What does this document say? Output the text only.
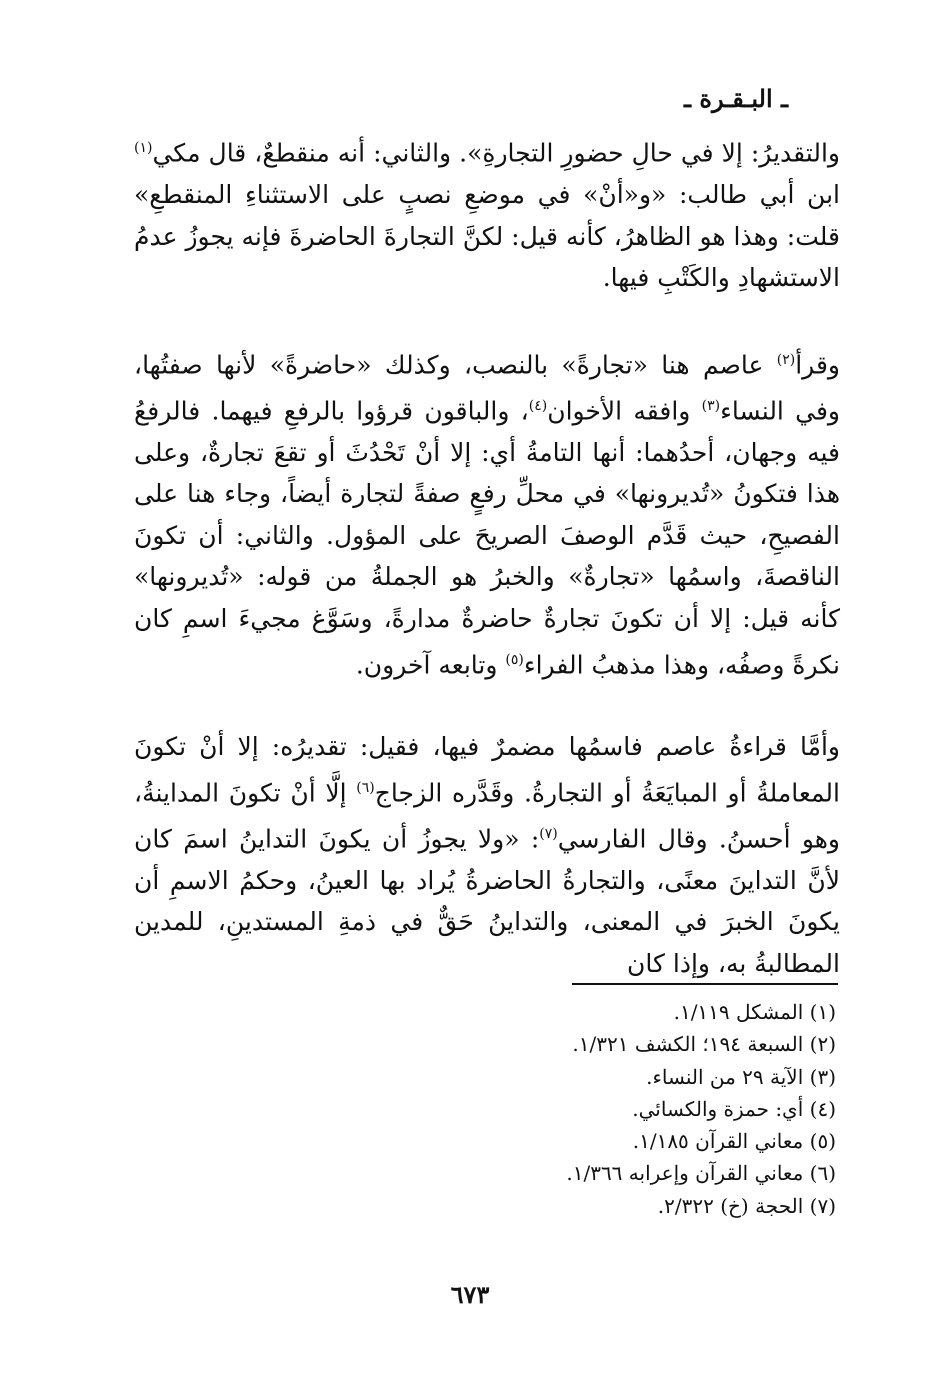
ـ البـقـرة ـ

والتقديرُ: إلا في حالِ حضورِ التجارةِ». والثاني: أنه منقطعٌ، قال مكي$^{(١)}$ ابن أبي طالب: «و«أنْ» في موضعِ نصبٍ على الاستثناءِ المنقطعِ» قلت: وهذا هو الظاهرُ، كأنه قيل: لكنَّ التجارةَ الحاضرةَ فإنه يجوزُ عدمُ الاستشهادِ والكَتْبِ فيها.

وقرأ$^{(٢)}$ عاصم هنا «تجارةً» بالنصب، وكذلك «حاضرةً» لأنها صفتُها، وفي النساء$^{(٣)}$ وافقه الأخوان$^{(٤)}$، والباقون قرؤوا بالرفعِ فيهما. فالرفعُ فيه وجهان، أحدُهما: أنها التامةُ أي: إلا أنْ تَحْدُثَ أو تقعَ تجارةٌ، وعلى هذا فتكونُ «تُديرونها» في محلِّ رفعٍ صفةً لتجارة أيضاً، وجاء هنا على الفصيحِ، حيث قَدَّم الوصفَ الصريحَ على المؤول. والثاني: أن تكونَ الناقصةَ، واسمُها «تجارةٌ» والخبرُ هو الجملةُ من قوله: «تُديرونها» كأنه قيل: إلا أن تكونَ تجارةٌ حاضرةٌ مدارةً، وسَوَّغ مجيءَ اسمِ كان نكرةً وصفُه، وهذا مذهبُ الفراء$^{(٥)}$ وتابعه آخرون.

وأمَّا قراءةُ عاصم فاسمُها مضمرٌ فيها، فقيل: تقديرُه: إلا أنْ تكونَ المعاملةُ أو المبايَعَةُ أو التجارةُ. وقَدَّره الزجاج$^{(٦)}$ إلَّا أنْ تكونَ المداينةُ، وهو أحسنُ. وقال الفارسي$^{(٧)}$: «ولا يجوزُ أن يكونَ التداينُ اسمَ كان لأنَّ التداينَ معنًى، والتجارةُ الحاضرةُ يُراد بها العينُ، وحكمُ الاسمِ أن يكونَ الخبرَ في المعنى، والتداينُ حَقٌّ في ذمةِ المستدينِ، للمدين المطالبةُ به، وإذا كان

(١) المشكل ١/١١٩.

(٢) السبعة ١٩٤؛ الكشف ١/٣٢١.

(٣) الآية ٢٩ من النساء.

(٤) أي: حمزة والكسائي.

(٥) معاني القرآن ١/١٨٥.

(٦) معاني القرآن وإعرابه ١/٣٦٦.

(٧) الحجة (خ) ٢/٣٢٢.

٦٧٣
